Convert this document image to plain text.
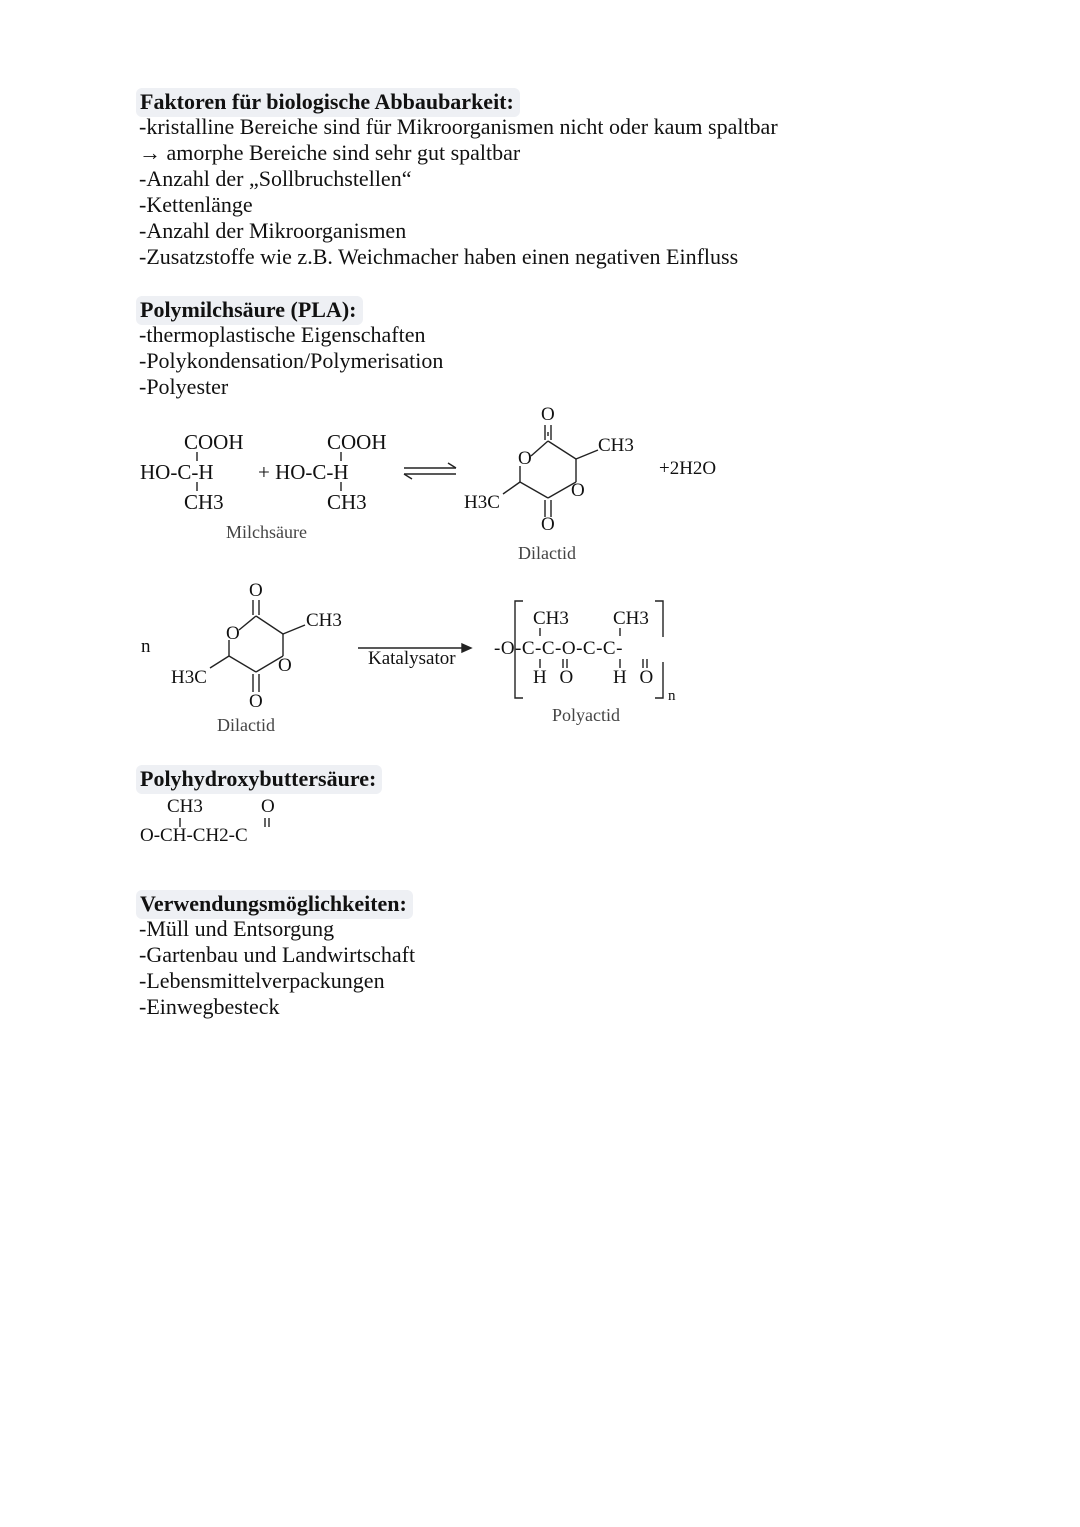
Faktoren für biologische Abbaubarkeit:
-kristalline Bereiche sind für Mikroorganismen nicht oder kaum spaltbar
→ amorphe Bereiche sind sehr gut spaltbar
-Anzahl der „Sollbruchstellen“
-Kettenlänge
-Anzahl der Mikroorganismen
-Zusatzstoffe wie z.B. Weichmacher haben einen negativen Einfluss
Polymilchsäure (PLA):
-thermoplastische Eigenschaften
-Polykondensation/Polymerisation
-Polyester
COOH
HO-C-H
CH3
COOH
+ HO-C-H
CH3
Milchsäure
O
O
O
O
CH3
H3C
Dilactid
+2H2O
n
O
O
O
O
CH3
H3C
Dilactid
Katalysator
CH3 CH3
-O-C-C-O-C-C-
H O H O
n
Polyactid
Polyhydroxybuttersäure:
CH3	O
O-CH-CH2-C
Verwendungsmöglichkeiten:
-Müll und Entsorgung
-Gartenbau und Landwirtschaft
-Lebensmittelverpackungen
-Einwegbesteck
